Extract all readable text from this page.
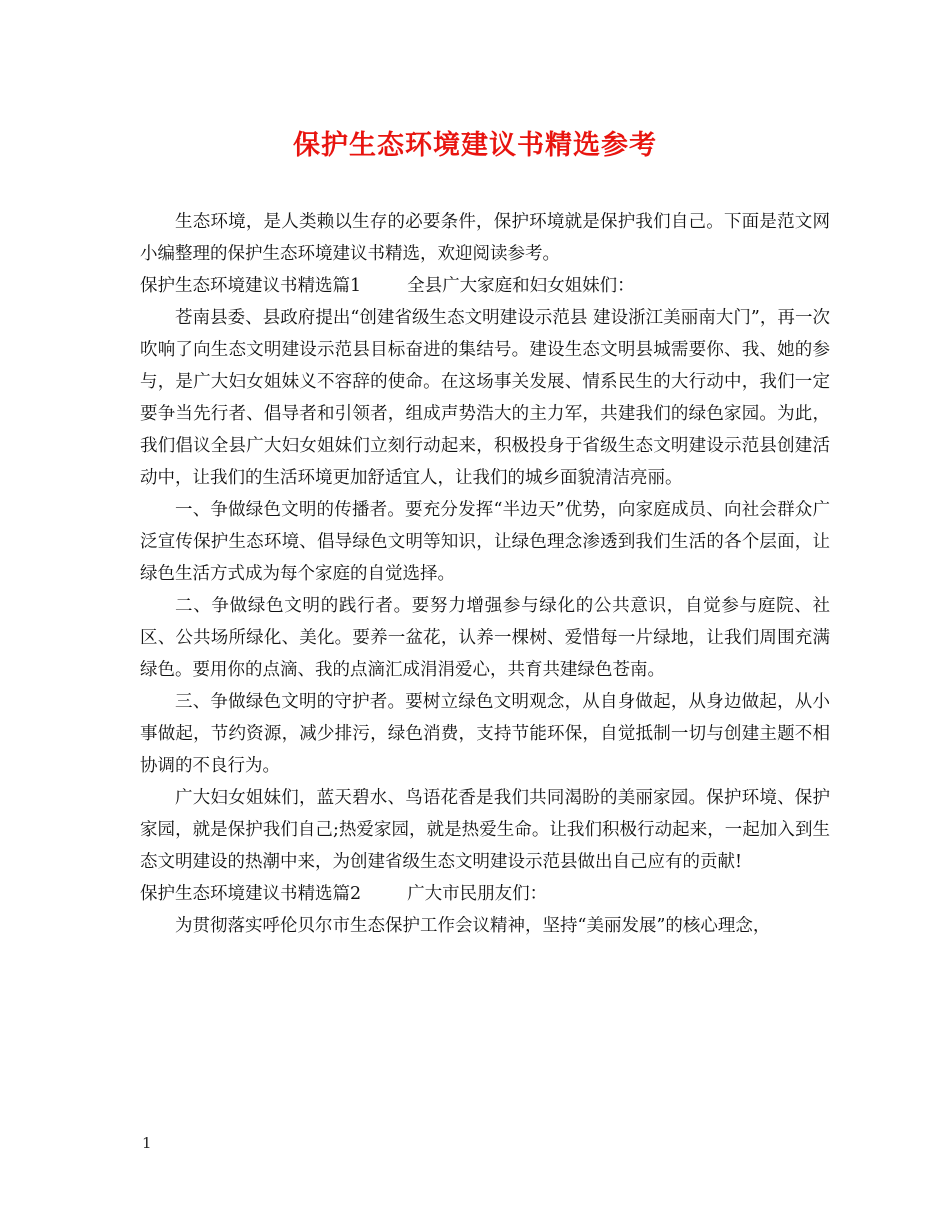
保护生态环境建议书精选参考

生态环境，是人类赖以生存的必要条件，保护环境就是保护我们自己。下面是范文网小编整理的保护生态环境建议书精选，欢迎阅读参考。

保护生态环境建议书精选篇1	全县广大家庭和妇女姐妹们：

苍南县委、县政府提出“创建省级生态文明建设示范县 建设浙江美丽南大门”，再一次吹响了向生态文明建设示范县目标奋进的集结号。建设生态文明县城需要你、我、她的参与，是广大妇女姐妹义不容辞的使命。在这场事关发展、情系民生的大行动中，我们一定要争当先行者、倡导者和引领者，组成声势浩大的主力军，共建我们的绿色家园。为此，我们倡议全县广大妇女姐妹们立刻行动起来，积极投身于省级生态文明建设示范县创建活动中，让我们的生活环境更加舒适宜人，让我们的城乡面貌清洁亮丽。

一、争做绿色文明的传播者。要充分发挥“半边天”优势，向家庭成员、向社会群众广泛宣传保护生态环境、倡导绿色文明等知识，让绿色理念渗透到我们生活的各个层面，让绿色生活方式成为每个家庭的自觉选择。

二、争做绿色文明的践行者。要努力增强参与绿化的公共意识，自觉参与庭院、社区、公共场所绿化、美化。要养一盆花，认养一棵树、爱惜每一片绿地，让我们周围充满绿色。要用你的点滴、我的点滴汇成涓涓爱心，共育共建绿色苍南。

三、争做绿色文明的守护者。要树立绿色文明观念，从自身做起，从身边做起，从小事做起，节约资源，减少排污，绿色消费，支持节能环保，自觉抵制一切与创建主题不相协调的不良行为。

广大妇女姐妹们，蓝天碧水、鸟语花香是我们共同渴盼的美丽家园。保护环境、保护家园，就是保护我们自己;热爱家园，就是热爱生命。让我们积极行动起来，一起加入到生态文明建设的热潮中来，为创建省级生态文明建设示范县做出自己应有的贡献!

保护生态环境建议书精选篇2	广大市民朋友们：

为贯彻落实呼伦贝尔市生态保护工作会议精神，坚持“美丽发展”的核心理念，

1
